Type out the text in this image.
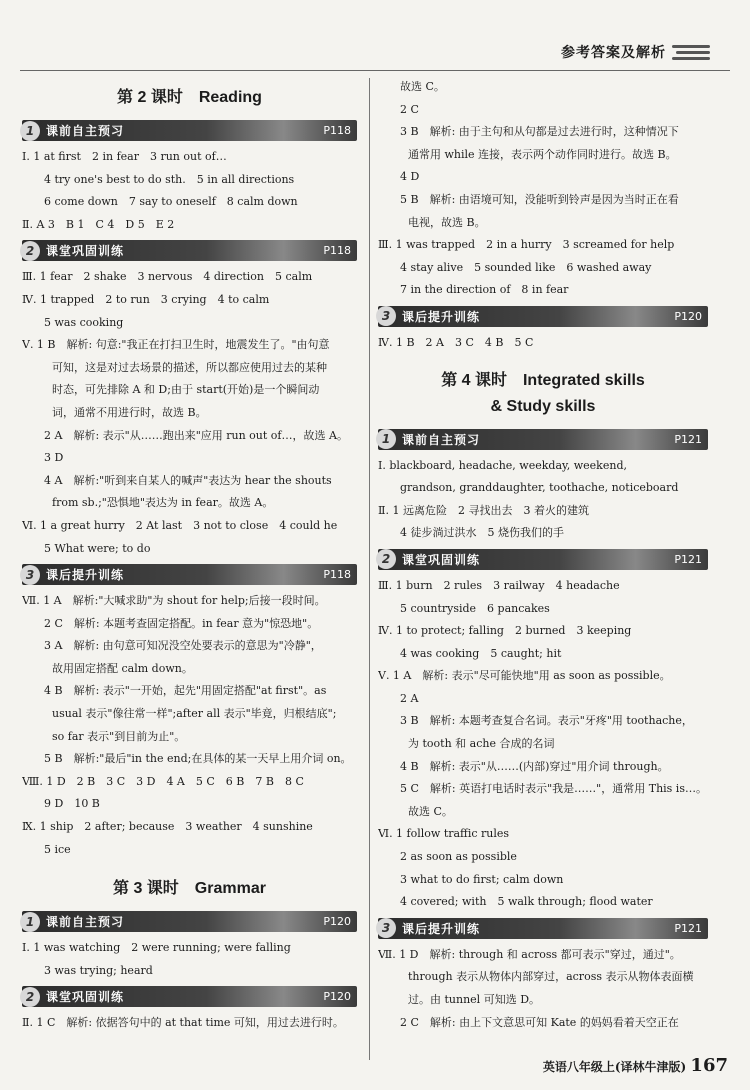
参考答案及解析
第 2 课时　Reading
1 课前自主预习	P118
Ⅰ. 1 at first　2 in fear　3 run out of…
4 try one's best to do sth.　5 in all directions
6 come down　7 say to oneself　8 calm down
Ⅱ. A 3　B 1　C 4　D 5　E 2
2 课堂巩固训练	P118
Ⅲ. 1 fear　2 shake　3 nervous　4 direction　5 calm
Ⅳ. 1 trapped　2 to run　3 crying　4 to calm
5 was cooking
Ⅴ. 1 B　解析: 句意:"我正在打扫卫生时，地震发生了。"由句意
可知，这是对过去场景的描述，所以都应使用过去的某种
时态，可先排除 A 和 D;由于 start(开始)是一个瞬间动
词，通常不用进行时，故选 B。
2 A　解析: 表示"从……跑出来"应用 run out of…，故选 A。
3 D
4 A　解析:"听到来自某人的喊声"表达为 hear the shouts
from sb.;"恐惧地"表达为 in fear。故选 A。
Ⅵ. 1 a great hurry　2 At last　3 not to close　4 could he
5 What were; to do
3 课后提升训练	P118
Ⅶ. 1 A　解析:"大喊求助"为 shout for help;后接一段时间。
2 C　解析: 本题考查固定搭配。in fear 意为"惊恐地"。
3 A　解析: 由句意可知况没空处要表示的意思为"冷静"，
故用固定搭配 calm down。
4 B　解析: 表示"一开始，起先"用固定搭配"at first"。as
usual 表示"像往常一样";after all 表示"毕竟，归根结底";
so far 表示"到目前为止"。
5 B　解析:"最后"in the end;在具体的某一天早上用介词 on。
Ⅷ. 1 D　2 B　3 C　3 D　4 A　5 C　6 B　7 B　8 C
9 D　10 B
Ⅸ. 1 ship　2 after; because　3 weather　4 sunshine
5 ice
第 3 课时　Grammar
1 课前自主预习	P120
Ⅰ. 1 was watching　2 were running; were falling
3 was trying; heard
2 课堂巩固训练	P120
Ⅱ. 1 C　解析: 依据答句中的 at that time 可知，用过去进行时。
故选 C。
2 C
3 B　解析: 由于主句和从句都是过去进行时，这种情况下
通常用 while 连接，表示两个动作同时进行。故选 B。
4 D
5 B　解析: 由语境可知，没能听到铃声是因为当时正在看
电视，故选 B。
Ⅲ. 1 was trapped　2 in a hurry　3 screamed for help
4 stay alive　5 sounded like　6 washed away
7 in the direction of　8 in fear
3 课后提升训练	P120
Ⅳ. 1 B　2 A　3 C　4 B　5 C
第 4 课时　Integrated skills
& Study skills
1 课前自主预习	P121
Ⅰ. blackboard, headache, weekday, weekend,
grandson, granddaughter, toothache, noticeboard
Ⅱ. 1 远离危险　2 寻找出去　3 着火的建筑
4 徒步淌过洪水　5 烧伤我们的手
2 课堂巩固训练	P121
Ⅲ. 1 burn　2 rules　3 railway　4 headache
5 countryside　6 pancakes
Ⅳ. 1 to protect; falling　2 burned　3 keeping
4 was cooking　5 caught; hit
Ⅴ. 1 A　解析: 表示"尽可能快地"用 as soon as possible。
2 A
3 B　解析: 本题考查复合名词。表示"牙疼"用 toothache，
为 tooth 和 ache 合成的名词
4 B　解析: 表示"从……(内部)穿过"用介词 through。
5 C　解析: 英语打电话时表示"我是……"，通常用 This is…。
故选 C。
Ⅵ. 1 follow traffic rules
2 as soon as possible
3 what to do first; calm down
4 covered; with　5 walk through; flood water
3 课后提升训练	P121
Ⅶ. 1 D　解析: through 和 across 都可表示"穿过，通过"。
through 表示从物体内部穿过，across 表示从物体表面横
过。由 tunnel 可知选 D。
2 C　解析: 由上下文意思可知 Kate 的妈妈看着天空正在
英语八年级上(译林牛津版) 167
